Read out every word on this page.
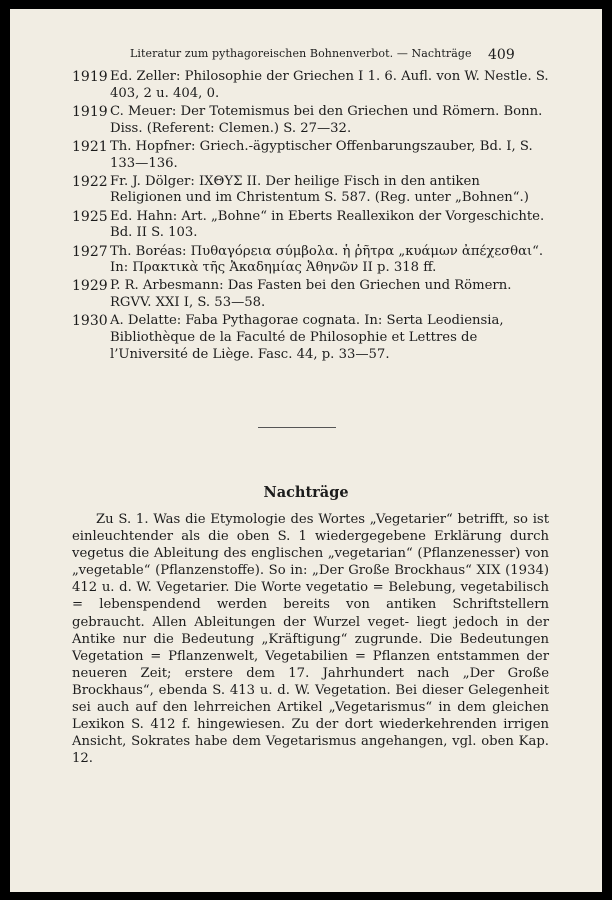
Literatur zum pythagoreischen Bohnenverbot. — Nachträge	409
1919 Ed. Zeller: Philosophie der Griechen I 1. 6. Aufl. von W. Nestle. S. 403, 2 u. 404, 0.
1919 C. Meuer: Der Totemismus bei den Griechen und Römern. Bonn. Diss. (Referent: Clemen.) S. 27—32.
1921 Th. Hopfner: Griech.-ägyptischer Offenbarungszauber, Bd. I, S. 133—136.
1922 Fr. J. Dölger: ΙΧΘΥΣ II. Der heilige Fisch in den antiken Religionen und im Christentum S. 587. (Reg. unter „Bohnen“.)
1925 Ed. Hahn: Art. „Bohne“ in Eberts Reallexikon der Vorgeschichte. Bd. II S. 103.
1927 Th. Boréas: Πυθαγόρεια σύμβολα. ἡ ῥῆτρα „κυάμων ἀπέχεσθαι“. In: Πρακτικὰ τῆς Ἀκαδημίας Ἀθηνῶν II p. 318 ff.
1929 P. R. Arbesmann: Das Fasten bei den Griechen und Römern. RGVV. XXI I, S. 53—58.
1930 A. Delatte: Faba Pythagorae cognata. In: Serta Leodiensia, Bibliothèque de la Faculté de Philosophie et Lettres de l’Université de Liège. Fasc. 44, p. 33—57.
Nachträge

Zu S. 1. Was die Etymologie des Wortes „Vegetarier“ betrifft, so ist einleuchtender als die oben S. 1 wiedergegebene Erklärung durch vegetus die Ableitung des englischen „vegetarian“ (Pflanzenesser) von „vegetable“ (Pflanzenstoffe). So in: „Der Große Brockhaus“ XIX (1934) 412 u. d. W. Vegetarier. Die Worte vegetatio = Belebung, vegetabilisch = lebenspendend werden bereits von antiken Schriftstellern gebraucht. Allen Ableitungen der Wurzel veget- liegt jedoch in der Antike nur die Bedeutung „Kräftigung“ zugrunde. Die Bedeutungen Vegetation = Pflanzenwelt, Vegetabilien = Pflanzen entstammen der neueren Zeit; erstere dem 17. Jahrhundert nach „Der Große Brockhaus“, ebenda S. 413 u. d. W. Vegetation. Bei dieser Gelegenheit sei auch auf den lehrreichen Artikel „Vegetarismus“ in dem gleichen Lexikon S. 412 f. hingewiesen. Zu der dort wiederkehrenden irrigen Ansicht, Sokrates habe dem Vegetarismus angehangen, vgl. oben Kap. 12.
